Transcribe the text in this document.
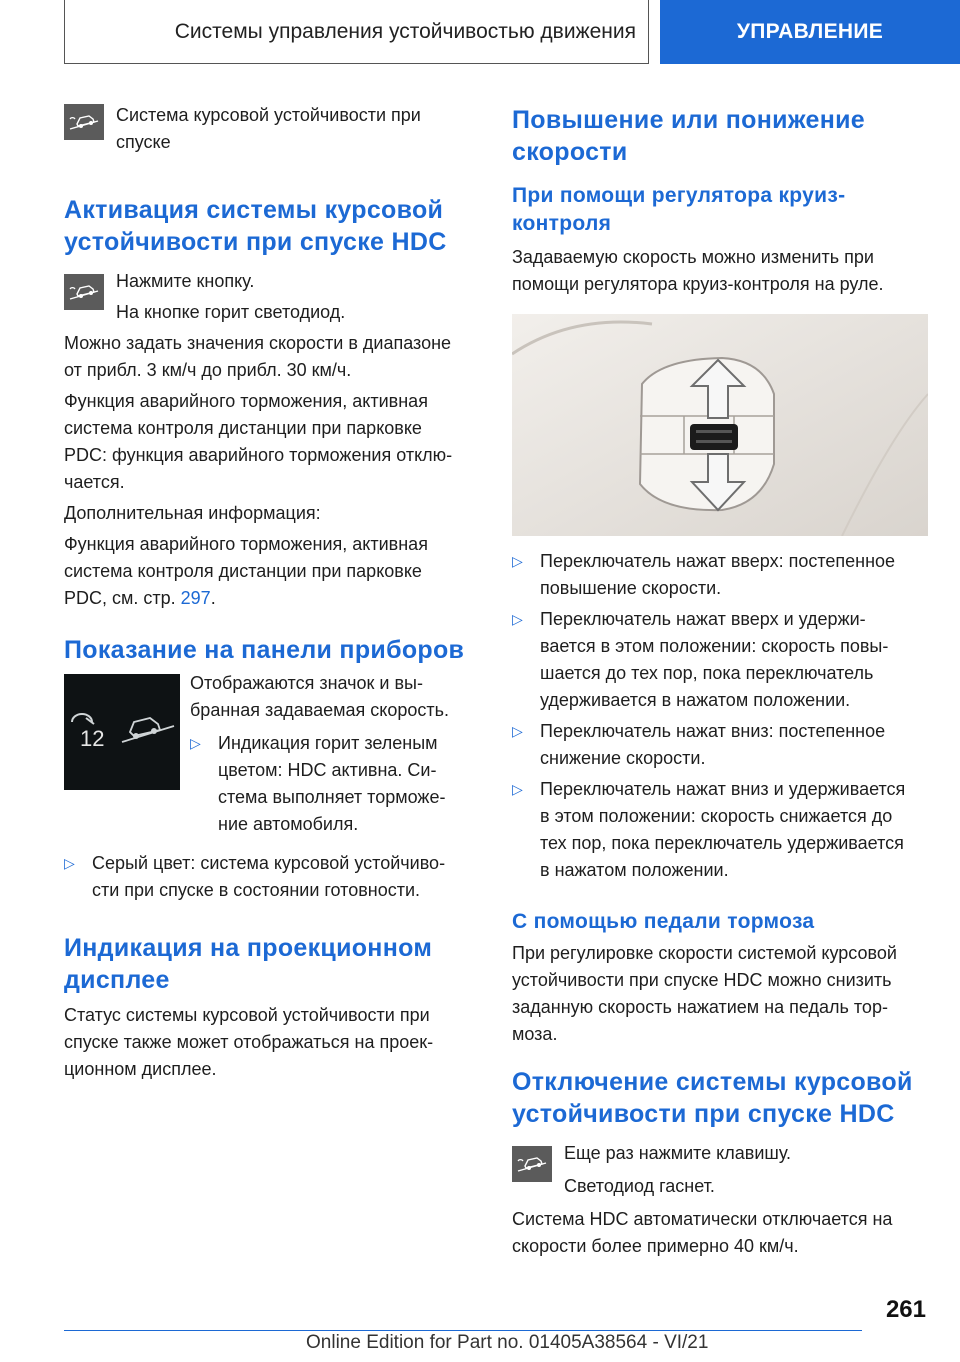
Системы управления устойчивостью движения	УПРАВЛЕНИЕ
Система курсовой устойчивости при
спуске
Активация системы курсовой
устойчивости при спуске HDC
Нажмите кнопку.
На кнопке горит светодиод.
Можно задать значения скорости в диапазоне
от прибл. 3 км/ч до прибл. 30 км/ч.
Функция аварийного торможения, активная
система контроля дистанции при парковке
PDC: функция аварийного торможения отклю-
чается.
Дополнительная информация:
Функция аварийного торможения, активная
система контроля дистанции при парковке
PDC, см. стр. 297.
Показание на панели приборов
12
Отображаются значок и вы-
бранная задаваемая скорость.
▷ Индикация горит зеленым
цветом: HDC активна. Си-
стема выполняет торможе-
ние автомобиля.
▷ Серый цвет: система курсовой устойчиво-
сти при спуске в состоянии готовности.
Индикация на проекционном
дисплее
Статус системы курсовой устойчивости при
спуске также может отображаться на проек-
ционном дисплее.
Повышение или понижение
скорости
При помощи регулятора круиз-
контроля
Задаваемую скорость можно изменить при
помощи регулятора круиз-контроля на руле.
▷ Переключатель нажат вверх: постепенное
повышение скорости.
▷ Переключатель нажат вверх и удержи-
вается в этом положении: скорость повы-
шается до тех пор, пока переключатель
удерживается в нажатом положении.
▷ Переключатель нажат вниз: постепенное
снижение скорости.
▷ Переключатель нажат вниз и удерживается
в этом положении: скорость снижается до
тех пор, пока переключатель удерживается
в нажатом положении.
С помощью педали тормоза
При регулировке скорости системой курсовой
устойчивости при спуске HDC можно снизить
заданную скорость нажатием на педаль тор-
моза.
Отключение системы курсовой
устойчивости при спуске HDC
Еще раз нажмите клавишу.
Светодиод гаснет.
Система HDC автоматически отключается на
скорости более примерно 40 км/ч.
261
Online Edition for Part no. 01405A38564 - VI/21
